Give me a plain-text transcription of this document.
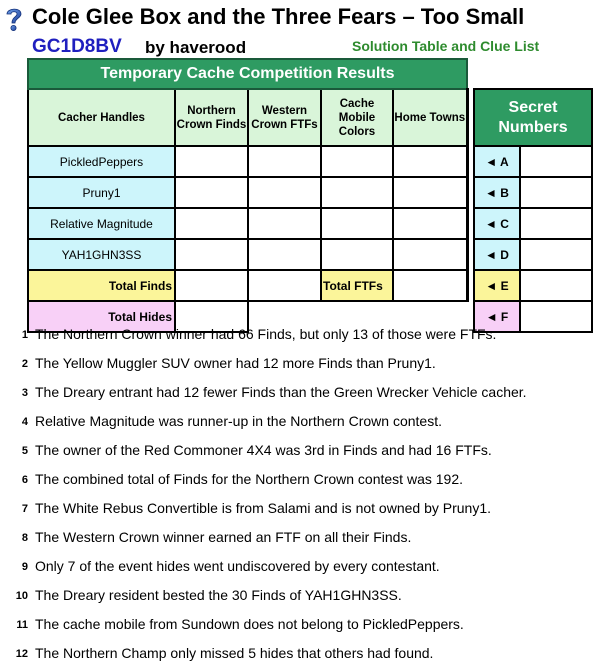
Cole Glee Box and the Three Fears – Too Small
GC1D8BV by haverood	Solution Table and Clue List
Temporary Cache Competition Results				
Cacher Handles	Northern Crown Finds	Western Crown FTFs	Cache Mobile Colors	Home Towns
PickledPeppers				
Pruny1				
Relative Magnitude				
YAH1GHN3SS				
Total Finds			Total FTFs	
Total Hides				
Secret Numbers	
◄ A	
◄ B	
◄ C	
◄ D	
◄ E	
◄ F	
1 The Northern Crown winner had 66 Finds, but only 13 of those were FTFs.
2 The Yellow Muggler SUV owner had 12 more Finds than Pruny1.
3 The Dreary entrant had 12 fewer Finds than the Green Wrecker Vehicle cacher.
4 Relative Magnitude was runner-up in the Northern Crown contest.
5 The owner of the Red Commoner 4X4 was 3rd in Finds and had 16 FTFs.
6 The combined total of Finds for the Northern Crown contest was 192.
7 The White Rebus Convertible is from Salami and is not owned by Pruny1.
8 The Western Crown winner earned an FTF on all their Finds.
9 Only 7 of the event hides went undiscovered by every contestant.
10 The Dreary resident bested the 30 Finds of YAH1GHN3SS.
11 The cache mobile from Sundown does not belong to PickledPeppers.
12 The Northern Champ only missed 5 hides that others had found.
